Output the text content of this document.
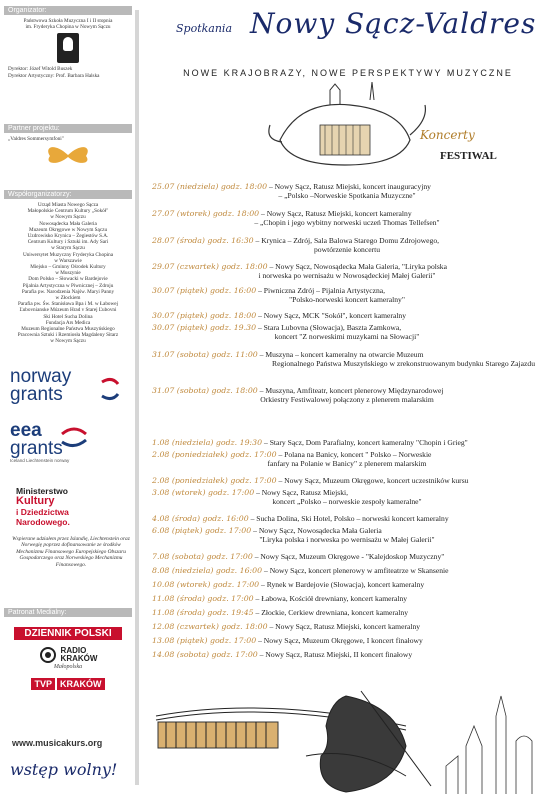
Organizator:
Państwowa Szkoła Muzyczna I i II stopnia
im. Fryderyka Chopina w Nowym Sączu
Dyrektor: Józef Witold Buszek
Dyrektor Artystyczny: Prof. Barbara Halska
Partner projektu:
„Valdres Sommersymfoni"
Współorganizatorzy:
Urząd Miasta Nowego Sącza
Małopolskie Centrum Kultury „Sokół"
w Nowym Sączu
Nowosądecka Mała Galeria
Muzeum Okręgowe w Nowym Sączu
Uzdrowisko Krynica – Żegiestów S.A.
Centrum Kultury i Sztuki im. Ady Sari
w Starym Sączu
Uniwersytet Muzyczny Fryderyka Chopina
w Warszawie
Miejsko – Gminny Ośrodek Kultury
w Muszynie
Dom Polsko – Słowacki w Bardejovie
Pijalnia Artystyczna w Piwnicznej – Zdroju
Parafia pw. Narodzenia Najśw. Maryi Panny
w Złockiem
Parafia pw. Św. Stanisława Bpa i M. w Łabowej
Ľubovnianske Múzeum Hrad v Starej Ľubovni
Ski Hotel Sucha Dolina
Fundacja Ars Medica
Muzeum Regionalne Państwa Muszyńskiego
Pracownia Sztuki i Rzemiosła Magdaleny Sitarz
w Nowym Sączu
norway
grants
eea
grants
Iceland Liechtenstein norway
Ministerstwo
Kultury
i Dziedzictwa
Narodowego.
Wspierane udziałem przez Islandię, Liechtenstein oraz Norwegię poprzez dofinansowanie ze środków Mechanizmu Finansowego Europejskiego Obszaru Gospodarczego oraz Norweskiego Mechanizmu Finansowego.
Patronat Medialny:
DZIENNIK POLSKI
RADIO
KRAKÓW
Małopolska
TVP KRAKÓW
Spotkania Nowy Sącz-Valdres
NOWE KRAJOBRAZY, NOWE PERSPEKTYWY MUZYCZNE
Koncerty
FESTIWAL
25.07 (niedziela) godz. 18:00 – Nowy Sącz, Ratusz Miejski, koncert inauguracyjny
– „Polsko –Norweskie Spotkania Muzyczne"
27.07 (wtorek) godz. 18:00 – Nowy Sącz, Ratusz Miejski, koncert kameralny
– „Chopin i jego wybitny norweski uczeń Thomas Tellefsen"
28.07 (środa) godz. 16:30 – Krynica – Zdrój, Sala Balowa Starego Domu Zdrojowego,
powtórzenie koncertu
29.07 (czwartek) godz. 18:00 – Nowy Sącz, Nowosądecka Mała Galeria, "Liryka polska
i norweska po wernisażu w Nowosądeckiej Małej Galerii"
30.07 (piątek) godz. 16:00 – Piwniczna Zdrój – Pijalnia Artystyczna,
"Polsko-norweski koncert kameralny"
30.07 (piątek) godz. 18:00 – Nowy Sącz, MCK "Sokół", koncert kameralny
30.07 (piątek) godz. 19.30 – Stara Lubovna (Słowacja), Baszta Zamkowa,
koncert "Z norweskimi muzykami na Słowacji"
31.07 (sobota) godz. 11:00 – Muszyna – koncert kameralny na otwarcie Muzeum
Regionalnego Państwa Muszyńskiego w zrekonstruowanym budynku Starego Zajazdu
31.07 (sobota) godz. 18:00 – Muszyna, Amfiteatr, koncert plenerowy Międzynarodowej
Orkiestry Festiwalowej połączony z plenerem malarskim
1.08 (niedziela) godz. 19:30 – Stary Sącz, Dom Parafialny, koncert kameralny "Chopin i Grieg"
2.08 (poniedziałek) godz. 17:00 – Polana na Banicy, koncert " Polsko – Norweskie
fanfary na Polanie w Banicy" z plenerem malarskim
2.08 (poniedziałek) godz. 17:00 – Nowy Sącz, Muzeum Okręgowe, koncert uczestników kursu
3.08 (wtorek) godz. 17:00 – Nowy Sącz, Ratusz Miejski,
koncert „Polsko – norweskie zespoły kameralne"
4.08 (środa) godz. 16:00 – Sucha Dolina, Ski Hotel, Polsko – norweski koncert kameralny
6.08 (piątek) godz. 17:00 – Nowy Sącz, Nowosądecka Mała Galeria
"Liryka polska i norweska po wernisażu w Małej Galerii"
7.08 (sobota) godz. 17:00 – Nowy Sącz, Muzeum Okręgowe - "Kalejdoskop Muzyczny"
8.08 (niedziela) godz. 16:00 – Nowy Sącz, koncert plenerowy w amfiteatrze w Skansenie
10.08 (wtorek) godz. 17:00 – Rynek w Bardejovie (Słowacja), koncert kameralny
11.08 (środa) godz. 17:00 – Łabowa, Kościół drewniany, koncert kameralny
11.08 (środa) godz. 19:45 – Złockie, Cerkiew drewniana, koncert kameralny
12.08 (czwartek) godz. 18:00 – Nowy Sącz, Ratusz Miejski, koncert kameralny
13.08 (piątek) godz. 17:00 – Nowy Sącz, Muzeum Okręgowe, I koncert finałowy
14.08 (sobota) godz. 17:00 – Nowy Sącz, Ratusz Miejski, II koncert finałowy
www.musicakurs.org
wstęp wolny!
